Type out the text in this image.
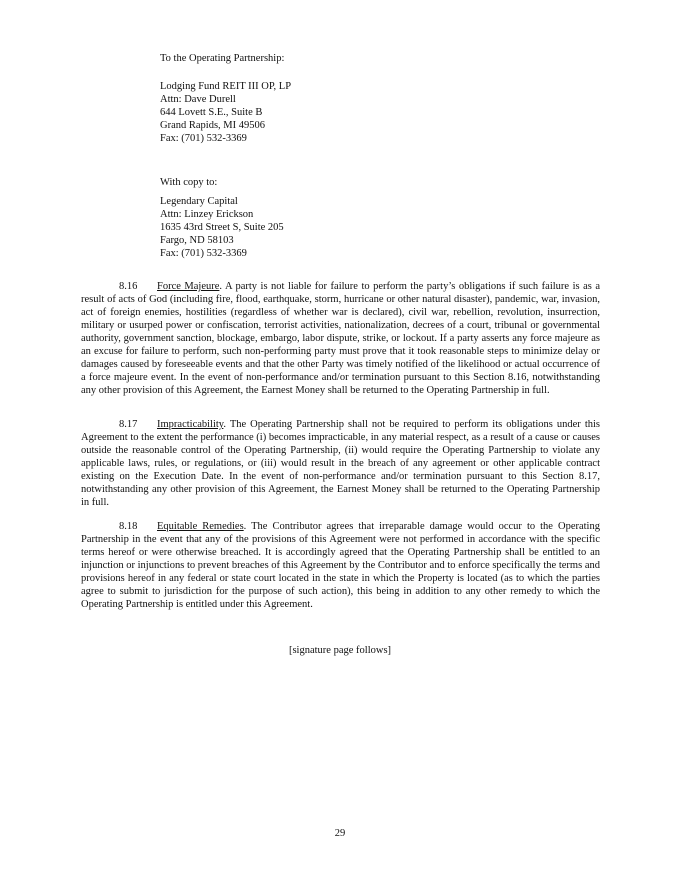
To the Operating Partnership:
Lodging Fund REIT III OP, LP
Attn: Dave Durell
644 Lovett S.E., Suite B
Grand Rapids, MI 49506
Fax: (701) 532-3369
With copy to:
Legendary Capital
Attn: Linzey Erickson
1635 43rd Street S, Suite 205
Fargo, ND 58103
Fax: (701) 532-3369
8.16 Force Majeure. A party is not liable for failure to perform the party’s obligations if such failure is as a result of acts of God (including fire, flood, earthquake, storm, hurricane or other natural disaster), pandemic, war, invasion, act of foreign enemies, hostilities (regardless of whether war is declared), civil war, rebellion, revolution, insurrection, military or usurped power or confiscation, terrorist activities, nationalization, decrees of a court, tribunal or governmental authority, government sanction, blockage, embargo, labor dispute, strike, or lockout. If a party asserts any force majeure as an excuse for failure to perform, such non-performing party must prove that it took reasonable steps to minimize delay or damages caused by foreseeable events and that the other Party was timely notified of the likelihood or actual occurrence of a force majeure event. In the event of non-performance and/or termination pursuant to this Section 8.16, notwithstanding any other provision of this Agreement, the Earnest Money shall be returned to the Operating Partnership in full.
8.17 Impracticability. The Operating Partnership shall not be required to perform its obligations under this Agreement to the extent the performance (i) becomes impracticable, in any material respect, as a result of a cause or causes outside the reasonable control of the Operating Partnership, (ii) would require the Operating Partnership to violate any applicable laws, rules, or regulations, or (iii) would result in the breach of any agreement or other applicable contract existing on the Execution Date. In the event of non-performance and/or termination pursuant to this Section 8.17, notwithstanding any other provision of this Agreement, the Earnest Money shall be returned to the Operating Partnership in full.
8.18 Equitable Remedies. The Contributor agrees that irreparable damage would occur to the Operating Partnership in the event that any of the provisions of this Agreement were not performed in accordance with the specific terms hereof or were otherwise breached. It is accordingly agreed that the Operating Partnership shall be entitled to an injunction or injunctions to prevent breaches of this Agreement by the Contributor and to enforce specifically the terms and provisions hereof in any federal or state court located in the state in which the Property is located (as to which the parties agree to submit to jurisdiction for the purpose of such action), this being in addition to any other remedy to which the Operating Partnership is entitled under this Agreement.
[signature page follows]
29
